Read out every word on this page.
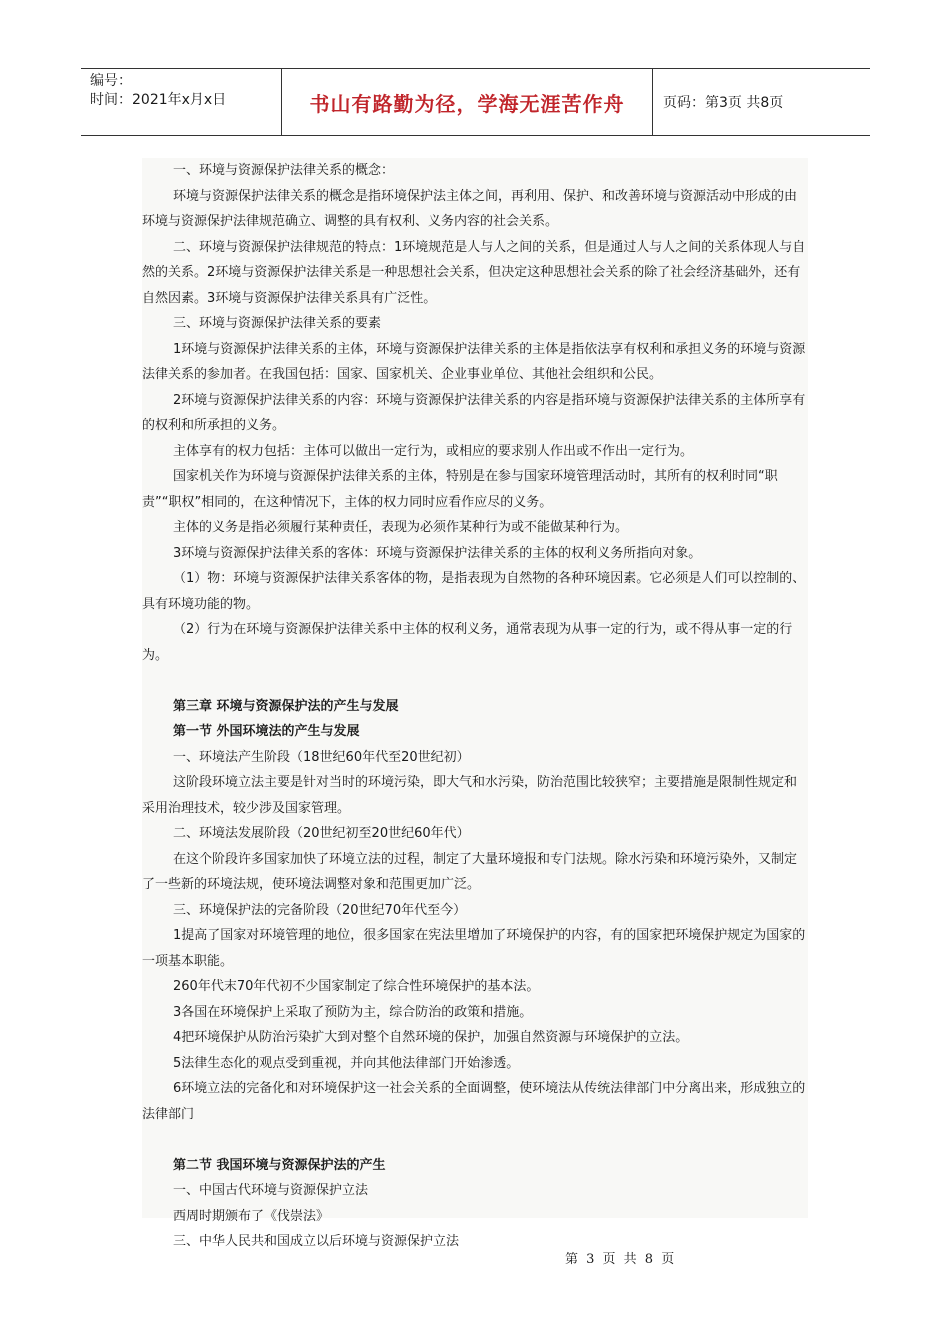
编号：
时间：2021年x月x日	书山有路勤为径，学海无涯苦作舟	页码：第3页 共8页

一、环境与资源保护法律关系的概念：

环境与资源保护法律关系的概念是指环境保护法主体之间，再利用、保护、和改善环境与资源活动中形成的由环境与资源保护法律规范确立、调整的具有权利、义务内容的社会关系。

二、环境与资源保护法律规范的特点：1环境规范是人与人之间的关系，但是通过人与人之间的关系体现人与自然的关系。2环境与资源保护法律关系是一种思想社会关系，但决定这种思想社会关系的除了社会经济基础外，还有自然因素。3环境与资源保护法律关系具有广泛性。

三、环境与资源保护法律关系的要素

1环境与资源保护法律关系的主体，环境与资源保护法律关系的主体是指依法享有权利和承担义务的环境与资源法律关系的参加者。在我国包括：国家、国家机关、企业事业单位、其他社会组织和公民。

2环境与资源保护法律关系的内容：环境与资源保护法律关系的内容是指环境与资源保护法律关系的主体所享有的权利和所承担的义务。

主体享有的权力包括：主体可以做出一定行为，或相应的要求别人作出或不作出一定行为。

国家机关作为环境与资源保护法律关系的主体，特别是在参与国家环境管理活动时，其所有的权利时同“职责”“职权”相同的，在这种情况下，主体的权力同时应看作应尽的义务。

主体的义务是指必须履行某种责任，表现为必须作某种行为或不能做某种行为。

3环境与资源保护法律关系的客体：环境与资源保护法律关系的主体的权利义务所指向对象。

（1）物：环境与资源保护法律关系客体的物，是指表现为自然物的各种环境因素。它必须是人们可以控制的、具有环境功能的物。

（2）行为在环境与资源保护法律关系中主体的权利义务，通常表现为从事一定的行为，或不得从事一定的行为。

第三章 环境与资源保护法的产生与发展

第一节 外国环境法的产生与发展

一、环境法产生阶段（18世纪60年代至20世纪初）

这阶段环境立法主要是针对当时的环境污染，即大气和水污染，防治范围比较狭窄；主要措施是限制性规定和采用治理技术，较少涉及国家管理。

二、环境法发展阶段（20世纪初至20世纪60年代）

在这个阶段许多国家加快了环境立法的过程，制定了大量环境报和专门法规。除水污染和环境污染外，又制定了一些新的环境法规，使环境法调整对象和范围更加广泛。

三、环境保护法的完备阶段（20世纪70年代至今）

1提高了国家对环境管理的地位，很多国家在宪法里增加了环境保护的内容，有的国家把环境保护规定为国家的一项基本职能。

260年代末70年代初不少国家制定了综合性环境保护的基本法。

3各国在环境保护上采取了预防为主，综合防治的政策和措施。

4把环境保护从防治污染扩大到对整个自然环境的保护，加强自然资源与环境保护的立法。

5法律生态化的观点受到重视，并向其他法律部门开始渗透。

6环境立法的完备化和对环境保护这一社会关系的全面调整，使环境法从传统法律部门中分离出来，形成独立的法律部门

第二节 我国环境与资源保护法的产生

一、中国古代环境与资源保护立法

西周时期颁布了《伐崇法》

三、中华人民共和国成立以后环境与资源保护立法

第 3 页 共 8 页
